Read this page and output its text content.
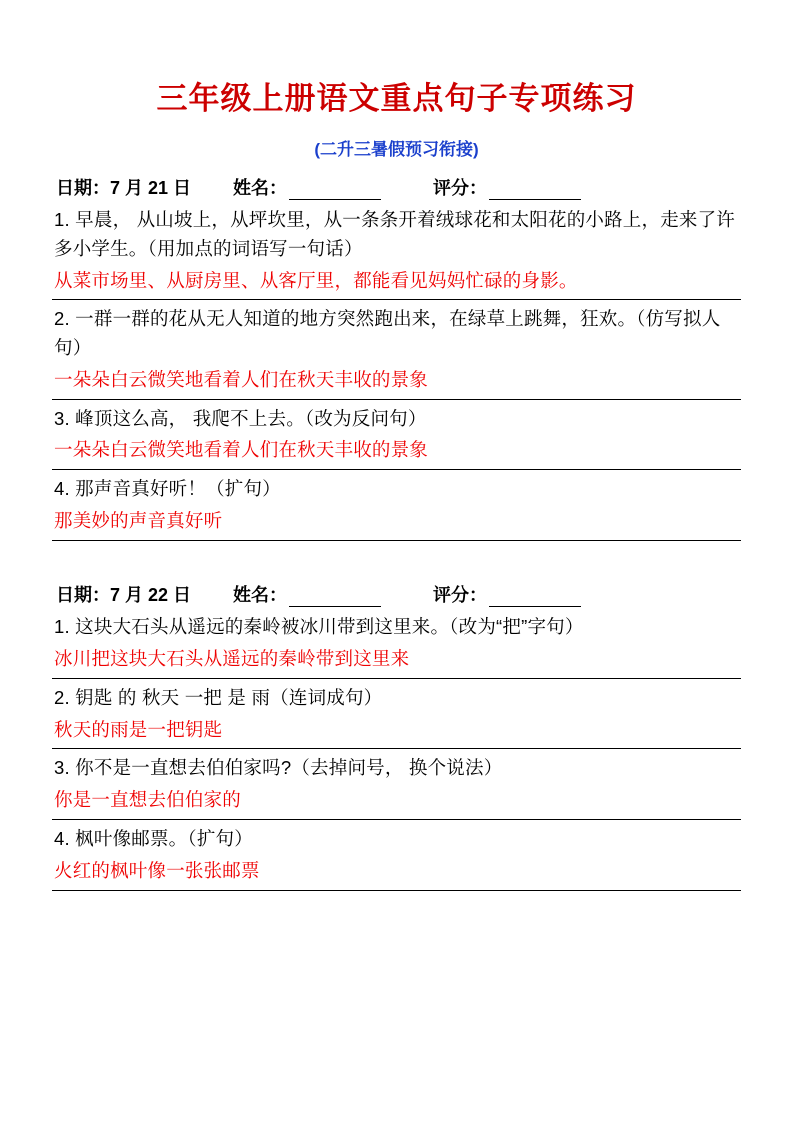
三年级上册语文重点句子专项练习
(二升三暑假预习衔接)
日期： 7 月 21 日 姓名：	评分：
1. 早晨， 从山坡上，从坪坎里，从一条条开着绒球花和太阳花的小路上，走来了许多小学生。（用加点的词语写一句话）
从菜市场里、从厨房里、从客厅里，都能看见妈妈忙碌的身影。
2. 一群一群的花从无人知道的地方突然跑出来，在绿草上跳舞，狂欢。（仿写拟人句）
一朵朵白云微笑地看着人们在秋天丰收的景象
3. 峰顶这么高， 我爬不上去。（改为反问句）
一朵朵白云微笑地看着人们在秋天丰收的景象
4. 那声音真好听！（扩句）
那美妙的声音真好听
日期： 7 月 22 日 姓名：	评分：
1. 这块大石头从遥远的秦岭被冰川带到这里来。（改为“把”字句）
冰川把这块大石头从遥远的秦岭带到这里来
2. 钥匙 的 秋天 一把 是 雨（连词成句）
秋天的雨是一把钥匙
3. 你不是一直想去伯伯家吗?（去掉问号， 换个说法）
你是一直想去伯伯家的
4. 枫叶像邮票。（扩句）
火红的枫叶像一张张邮票
